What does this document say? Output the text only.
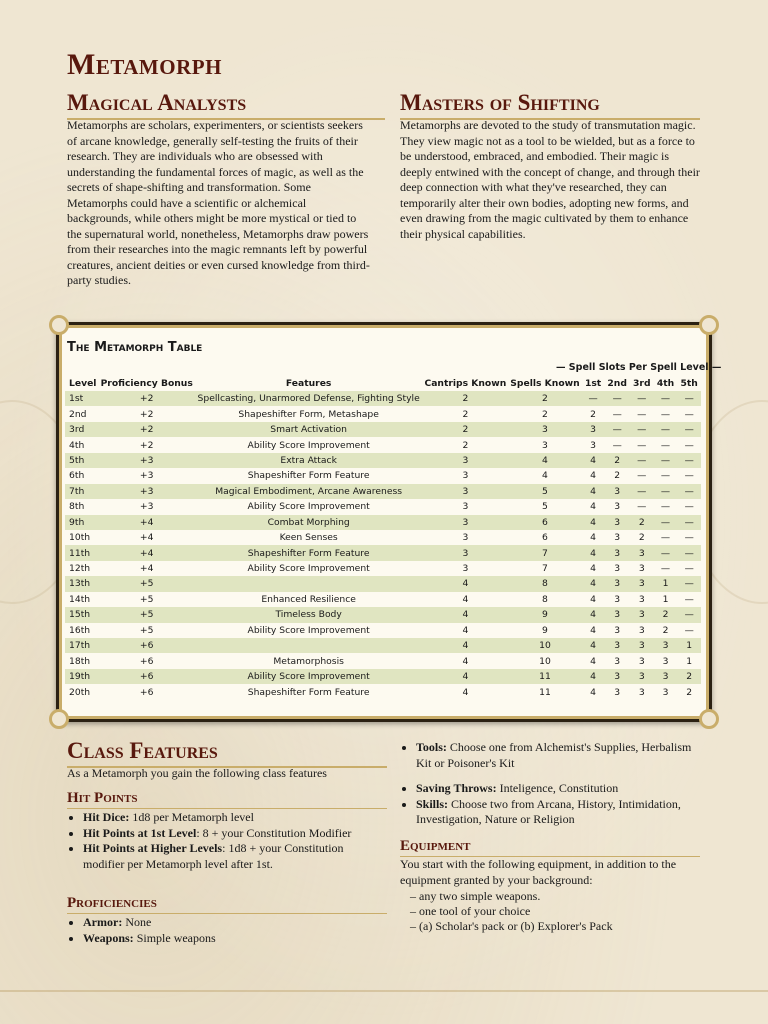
Metamorph
Magical Analysts

Metamorphs are scholars, experimenters, or scientists seekers of arcane knowledge, generally self-testing the fruits of their research. They are individuals who are obsessed with understanding the fundamental forces of magic, as well as the secrets of shape-shifting and transformation. Some Metamorphs could have a scientific or alchemical backgrounds, while others might be more mystical or tied to the supernatural world, nonetheless, Metamorphs draw powers from their researches into the magic remnants left by powerful creatures, ancient deities or even cursed knowledge from third-party studies.

Masters of Shifting

Metamorphs are devoted to the study of transmutation magic. They view magic not as a tool to be wielded, but as a force to be understood, embraced, and embodied. Their magic is deeply entwined with the concept of change, and through their deep connection with what they've researched, they can temporarily alter their own bodies, adopting new forms, and even drawing from the magic cultivated by them to enhance their physical capabilities.

The Metamorph Table
— Spell Slots Per Spell Level —
Level	Proficiency Bonus	Features	Cantrips Known	Spells Known	1st	2nd	3rd	4th	5th
1st	+2	Spellcasting, Unarmored Defense, Fighting Style	2	2	—	—	—	—	—
2nd	+2	Shapeshifter Form, Metashape	2	2	2	—	—	—	—
3rd	+2	Smart Activation	2	3	3	—	—	—	—
4th	+2	Ability Score Improvement	2	3	3	—	—	—	—
5th	+3	Extra Attack	3	4	4	2	—	—	—
6th	+3	Shapeshifter Form Feature	3	4	4	2	—	—	—
7th	+3	Magical Embodiment, Arcane Awareness	3	5	4	3	—	—	—
8th	+3	Ability Score Improvement	3	5	4	3	—	—	—
9th	+4	Combat Morphing	3	6	4	3	2	—	—
10th	+4	Keen Senses	3	6	4	3	2	—	—
11th	+4	Shapeshifter Form Feature	3	7	4	3	3	—	—
12th	+4	Ability Score Improvement	3	7	4	3	3	—	—
13th	+5		4	8	4	3	3	1	—
14th	+5	Enhanced Resilience	4	8	4	3	3	1	—
15th	+5	Timeless Body	4	9	4	3	3	2	—
16th	+5	Ability Score Improvement	4	9	4	3	3	2	—
17th	+6		4	10	4	3	3	3	1
18th	+6	Metamorphosis	4	10	4	3	3	3	1
19th	+6	Ability Score Improvement	4	11	4	3	3	3	2
20th	+6	Shapeshifter Form Feature	4	11	4	3	3	3	2
Class Features

As a Metamorph you gain the following class features

Hit Points
• Hit Dice: 1d8 per Metamorph level
• Hit Points at 1st Level: 8 + your Constitution Modifier
• Hit Points at Higher Levels: 1d8 + your Constitution modifier per Metamorph level after 1st.
Proficiencies
• Armor: None
• Weapons: Simple weapons
• Tools: Choose one from Alchemist's Supplies, Herbalism Kit or Poisoner's Kit
• Saving Throws: Inteligence, Constitution
• Skills: Choose two from Arcana, History, Intimidation, Investigation, Nature or Religion
Equipment

You start with the following equipment, in addition to the equipment granted by your background:

– any two simple weapons.
– one tool of your choice
– (a) Scholar's pack or (b) Explorer's Pack
